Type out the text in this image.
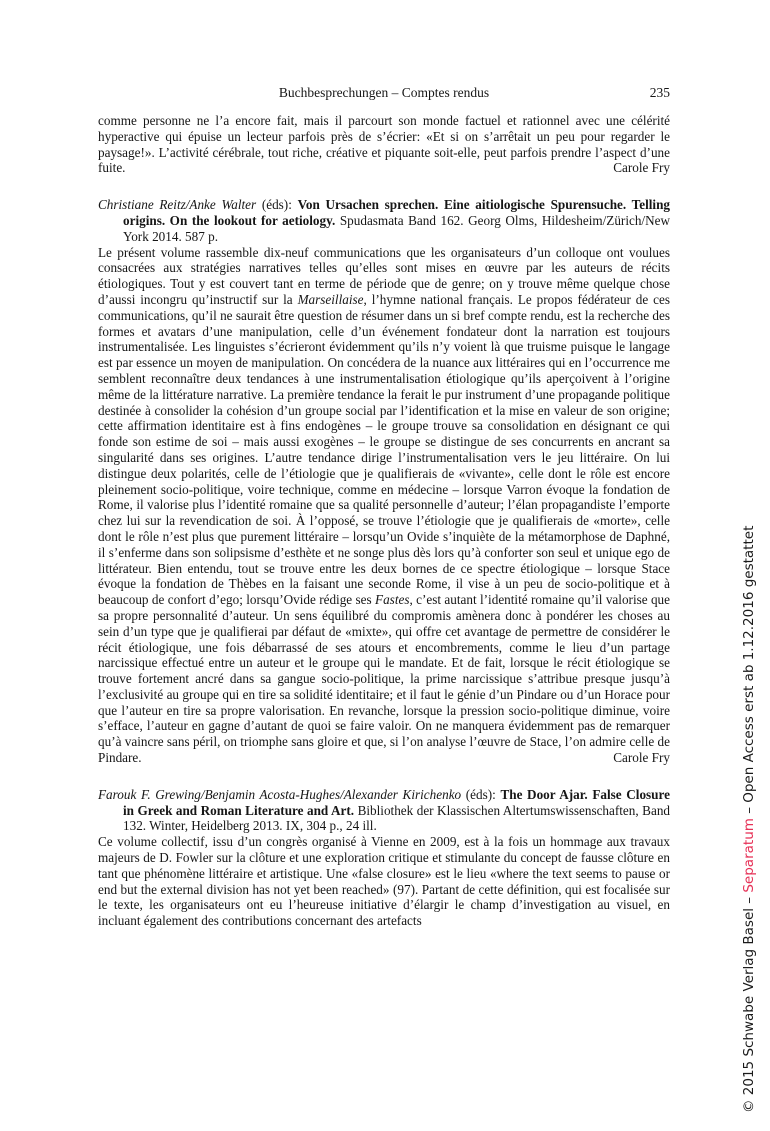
Buchbesprechungen – Comptes rendus	235

comme personne ne l’a encore fait, mais il parcourt son monde factuel et rationnel avec une célérité hyperactive qui épuise un lecteur parfois près de s’écrier: «Et si on s’arrêtait un peu pour regarder le paysage!». L’activité cérébrale, tout riche, créative et piquante soit-elle, peut parfois prendre l’aspect d’une fuite.	Carole Fry

Christiane Reitz/Anke Walter (éds): Von Ursachen sprechen. Eine aitiologische Spurensuche. Telling origins. On the lookout for aetiology. Spudasmata Band 162. Georg Olms, Hildesheim/Zürich/New York 2014. 587 p.

Le présent volume rassemble dix-neuf communications que les organisateurs d’un colloque ont voulues consacrées aux stratégies narratives telles qu’elles sont mises en œuvre par les auteurs de récits étiologiques. Tout y est couvert tant en terme de période que de genre; on y trouve même quelque chose d’aussi incongru qu’instructif sur la Marseillaise, l’hymne national français. Le propos fédérateur de ces communications, qu’il ne saurait être question de résumer dans un si bref compte rendu, est la recherche des formes et avatars d’une manipulation, celle d’un événement fondateur dont la narration est toujours instrumentalisée. Les linguistes s’écrieront évidemment qu’ils n’y voient là que truisme puisque le langage est par essence un moyen de manipulation. On concédera de la nuance aux littéraires qui en l’occurrence me semblent reconnaître deux tendances à une instrumentalisation étiologique qu’ils aperçoivent à l’origine même de la littérature narrative. La première tendance la ferait le pur instrument d’une propagande politique destinée à consolider la cohésion d’un groupe social par l’identification et la mise en valeur de son origine; cette affirmation identitaire est à fins endogènes – le groupe trouve sa consolidation en désignant ce qui fonde son estime de soi – mais aussi exogènes – le groupe se distingue de ses concurrents en ancrant sa singularité dans ses origines. L’autre tendance dirige l’instrumentalisation vers le jeu littéraire. On lui distingue deux polarités, celle de l’étiologie que je qualifierais de «vivante», celle dont le rôle est encore pleinement socio-politique, voire technique, comme en médecine – lorsque Varron évoque la fondation de Rome, il valorise plus l’identité romaine que sa qualité personnelle d’auteur; l’élan propagandiste l’emporte chez lui sur la revendication de soi. À l’opposé, se trouve l’étiologie que je qualifierais de «morte», celle dont le rôle n’est plus que purement littéraire – lorsqu’un Ovide s’inquiète de la métamorphose de Daphné, il s’enferme dans son solipsisme d’esthète et ne songe plus dès lors qu’à conforter son seul et unique ego de littérateur. Bien entendu, tout se trouve entre les deux bornes de ce spectre étiologique – lorsque Stace évoque la fondation de Thèbes en la faisant une seconde Rome, il vise à un peu de socio-politique et à beaucoup de confort d’ego; lorsqu’Ovide rédige ses Fastes, c’est autant l’identité romaine qu’il valorise que sa propre personnalité d’auteur. Un sens équilibré du compromis amènera donc à pondérer les choses au sein d’un type que je qualifierai par défaut de «mixte», qui offre cet avantage de permettre de considérer le récit étiologique, une fois débarrassé de ses atours et encombrements, comme le lieu d’un partage narcissique effectué entre un auteur et le groupe qui le mandate. Et de fait, lorsque le récit étiologique se trouve fortement ancré dans sa gangue socio-politique, la prime narcissique s’attribue presque jusqu’à l’exclusivité au groupe qui en tire sa solidité identitaire; et il faut le génie d’un Pindare ou d’un Horace pour que l’auteur en tire sa propre valorisation. En revanche, lorsque la pression socio-politique diminue, voire s’efface, l’auteur en gagne d’autant de quoi se faire valoir. On ne manquera évidemment pas de remarquer qu’à vaincre sans péril, on triomphe sans gloire et que, si l’on analyse l’œuvre de Stace, l’on admire celle de Pindare.	Carole Fry

Farouk F. Grewing/Benjamin Acosta-Hughes/Alexander Kirichenko (éds): The Door Ajar. False Closure in Greek and Roman Literature and Art. Bibliothek der Klassischen Altertumswissenschaften, Band 132. Winter, Heidelberg 2013. IX, 304 p., 24 ill.

Ce volume collectif, issu d’un congrès organisé à Vienne en 2009, est à la fois un hommage aux travaux majeurs de D. Fowler sur la clôture et une exploration critique et stimulante du concept de fausse clôture en tant que phénomène littéraire et artistique. Une «false closure» est le lieu «where the text seems to pause or end but the external division has not yet been reached» (97). Partant de cette définition, qui est focalisée sur le texte, les organisateurs ont eu l’heureuse initiative d’élargir le champ d’investigation au visuel, en incluant également des contributions concernant des artefacts	© 2015 Schwabe Verlag Basel – Separatum – Open Access erst ab 1.12.2016 gestattet
